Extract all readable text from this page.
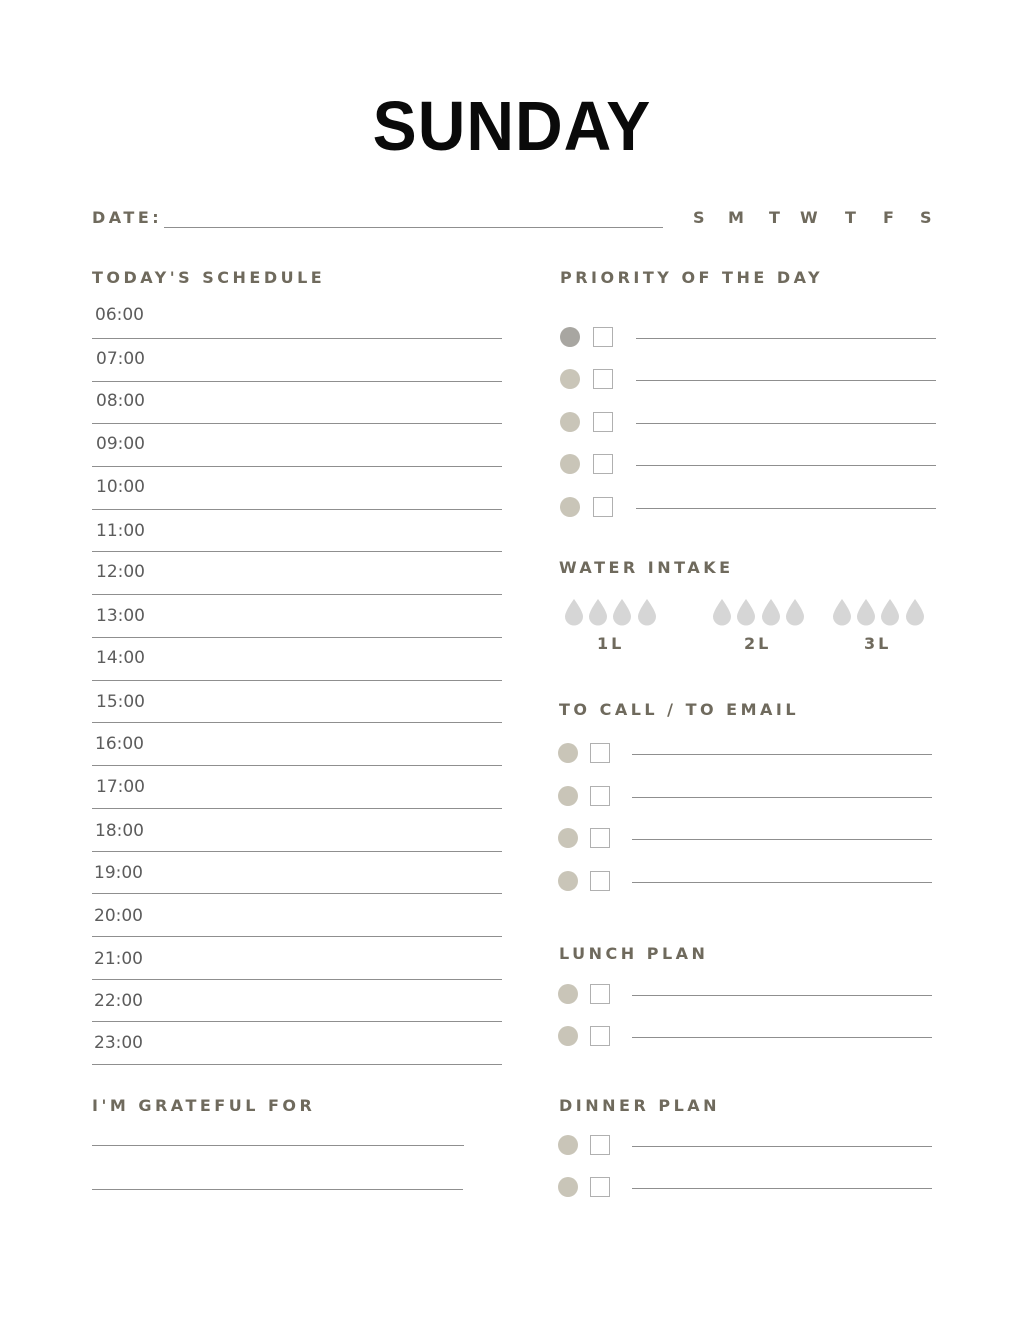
SUNDAY
DATE:	S M T W T F S
TODAY'S SCHEDULE
06:00
07:00
08:00
09:00
10:00
11:00
12:00
13:00
14:00
15:00
16:00
17:00
18:00
19:00
20:00
21:00
22:00
23:00
I'M GRATEFUL FOR
PRIORITY OF THE DAY
WATER INTAKE
1L	2L	3L
TO CALL / TO EMAIL
LUNCH PLAN
DINNER PLAN
